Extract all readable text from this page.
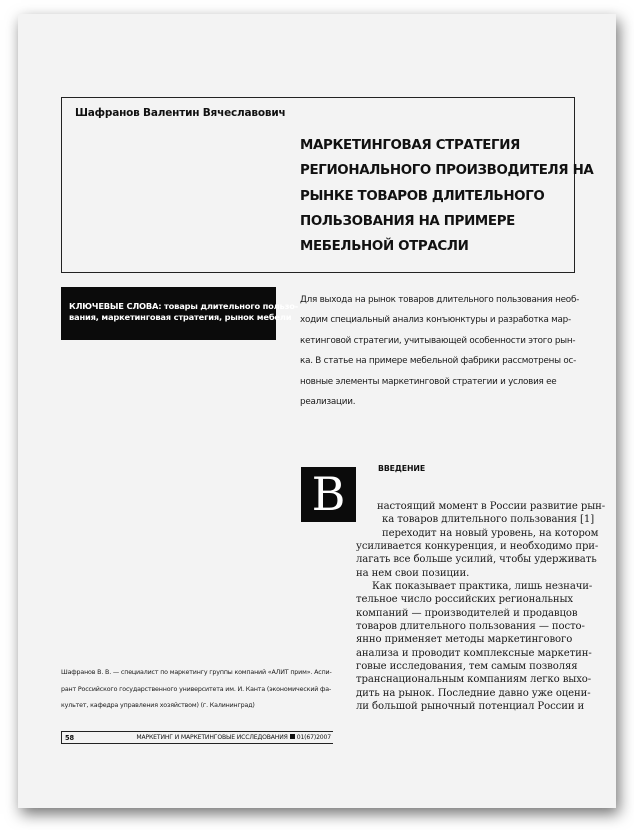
Шафранов Валентин Вячеславович
МАРКЕТИНГОВАЯ СТРАТЕГИЯ
РЕГИОНАЛЬНОГО ПРОИЗВОДИТЕЛЯ НА
РЫНКЕ ТОВАРОВ ДЛИТЕЛЬНОГО
ПОЛЬЗОВАНИЯ НА ПРИМЕРЕ
МЕБЕЛЬНОЙ ОТРАСЛИ
КЛЮЧЕВЫЕ СЛОВА: товары длительного пользо-
вания, маркетинговая стратегия, рынок мебели
Для выхода на рынок товаров длительного пользования необ-
ходим специальный анализ конъюнктуры и разработка мар-
кетинговой стратегии, учитывающей особенности этого рын-
ка. В статье на примере мебельной фабрики рассмотрены ос-
новные элементы маркетинговой стратегии и условия ее
реализации.
ВВЕДЕНИЕ
В	настоящий момент в России развитие рын-
ка товаров длительного пользования [1]
переходит на новый уровень, на котором
усиливается конкуренция, и необходимо при-
лагать все больше усилий, чтобы удерживать
на нем свои позиции.
Как показывает практика, лишь незначи-
тельное число российских региональных
компаний — производителей и продавцов
товаров длительного пользования — посто-
янно применяет методы маркетингового
анализа и проводит комплексные маркетин-
говые исследования, тем самым позволяя
транснациональным компаниям легко выхо-
дить на рынок. Последние давно уже оцени-
ли большой рыночный потенциал России и
Шафранов В. В. — специалист по маркетингу группы компаний «АЛИТ прим». Аспи-
рант Российского государственного университета им. И. Канта (экономический фа-
культет, кафедра управления хозяйством) (г. Калининград)
58	МАРКЕТИНГ И МАРКЕТИНГОВЫЕ ИССЛЕДОВАНИЯ 01(67)2007
